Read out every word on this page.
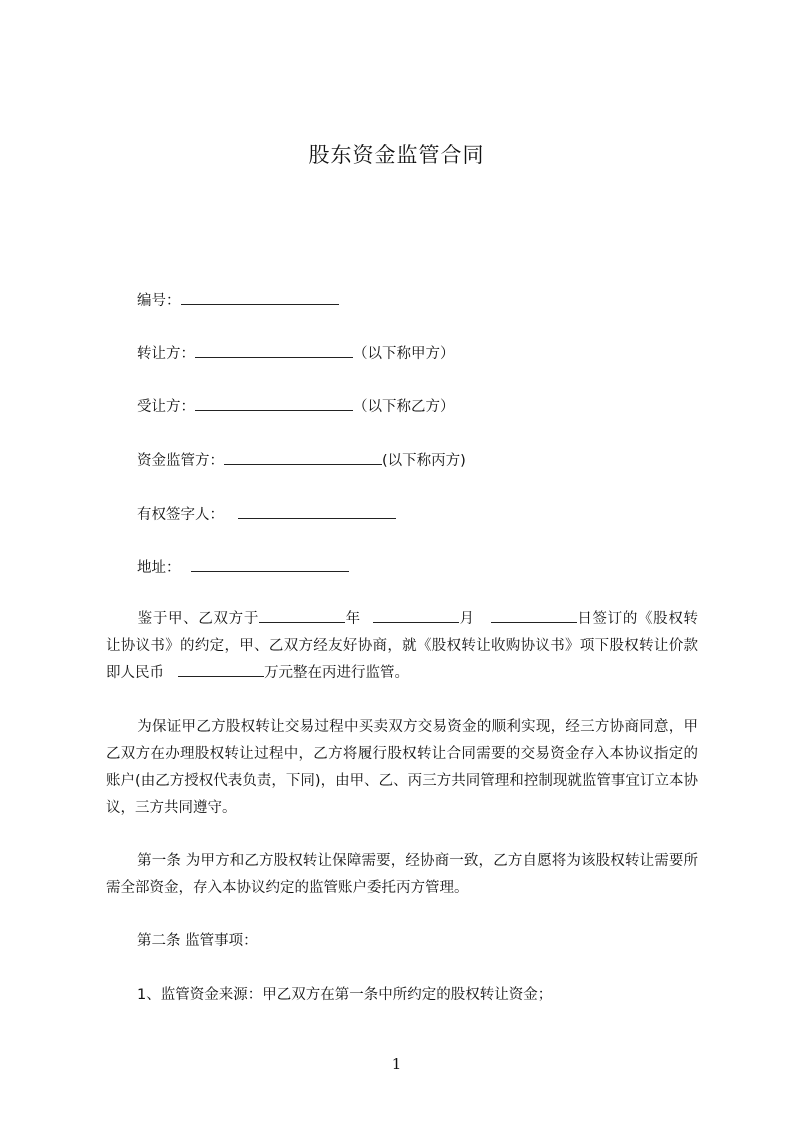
股东资金监管合同
编号：
转让方：	（以下称甲方）
受让方：	（以下称乙方）
资金监管方：	(以下称丙方)
有权签字人：
地址：

鉴于甲、乙双方于	年	月	日签订的《股权转让协议书》的约定，甲、乙双方经友好协商，就《股权转让收购协议书》项下股权转让价款即人民币	万元整在丙进行监管。

为保证甲乙方股权转让交易过程中买卖双方交易资金的顺利实现，经三方协商同意，甲乙双方在办理股权转让过程中，乙方将履行股权转让合同需要的交易资金存入本协议指定的账户(由乙方授权代表负责，下同)，由甲、乙、丙三方共同管理和控制现就监管事宜订立本协议，三方共同遵守。

第一条 为甲方和乙方股权转让保障需要，经协商一致，乙方自愿将为该股权转让需要所需全部资金，存入本协议约定的监管账户委托丙方管理。

第二条 监管事项：

1、监管资金来源：甲乙双方在第一条中所约定的股权转让资金；

1
